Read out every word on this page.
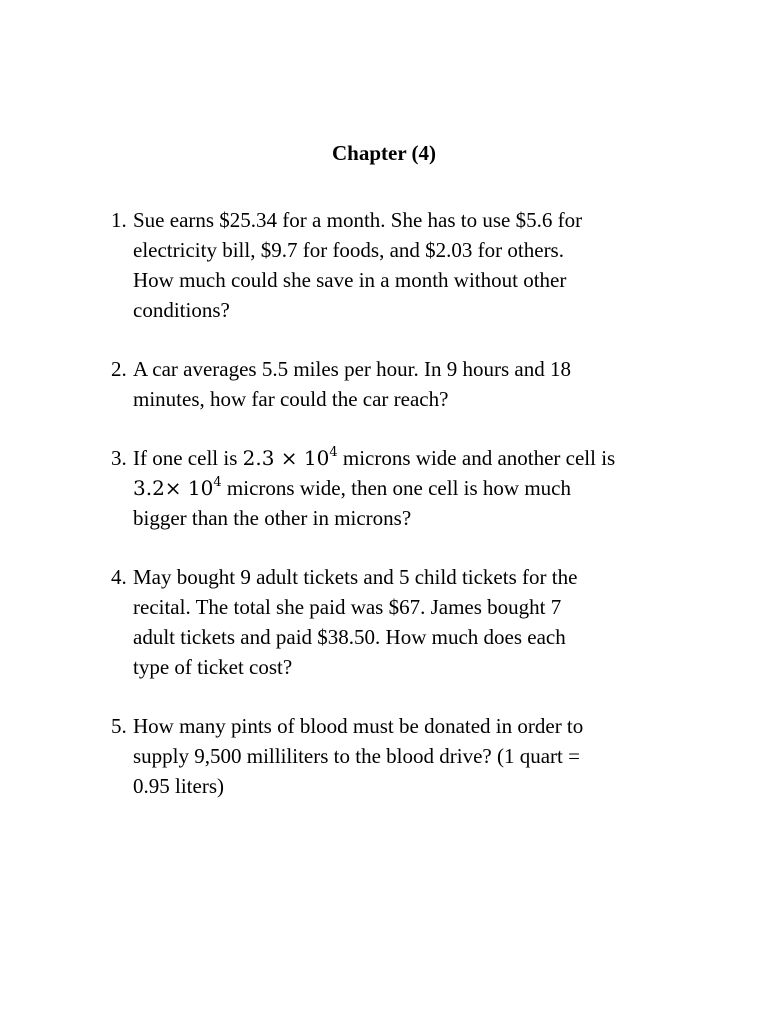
Chapter (4)
1. Sue earns $25.34 for a month. She has to use $5.6 for
electricity bill, $9.7 for foods, and $2.03 for others.
How much could she save in a month without other
conditions?
2. A car averages 5.5 miles per hour. In 9 hours and 18
minutes, how far could the car reach?
3. If one cell is $2.3 \times 10^4$ microns wide and another cell is
$3.2\times 10^4$ microns wide, then one cell is how much
bigger than the other in microns?
4. May bought 9 adult tickets and 5 child tickets for the
recital. The total she paid was $67. James bought 7
adult tickets and paid $38.50. How much does each
type of ticket cost?
5. How many pints of blood must be donated in order to
supply 9,500 milliliters to the blood drive? (1 quart =
0.95 liters)
